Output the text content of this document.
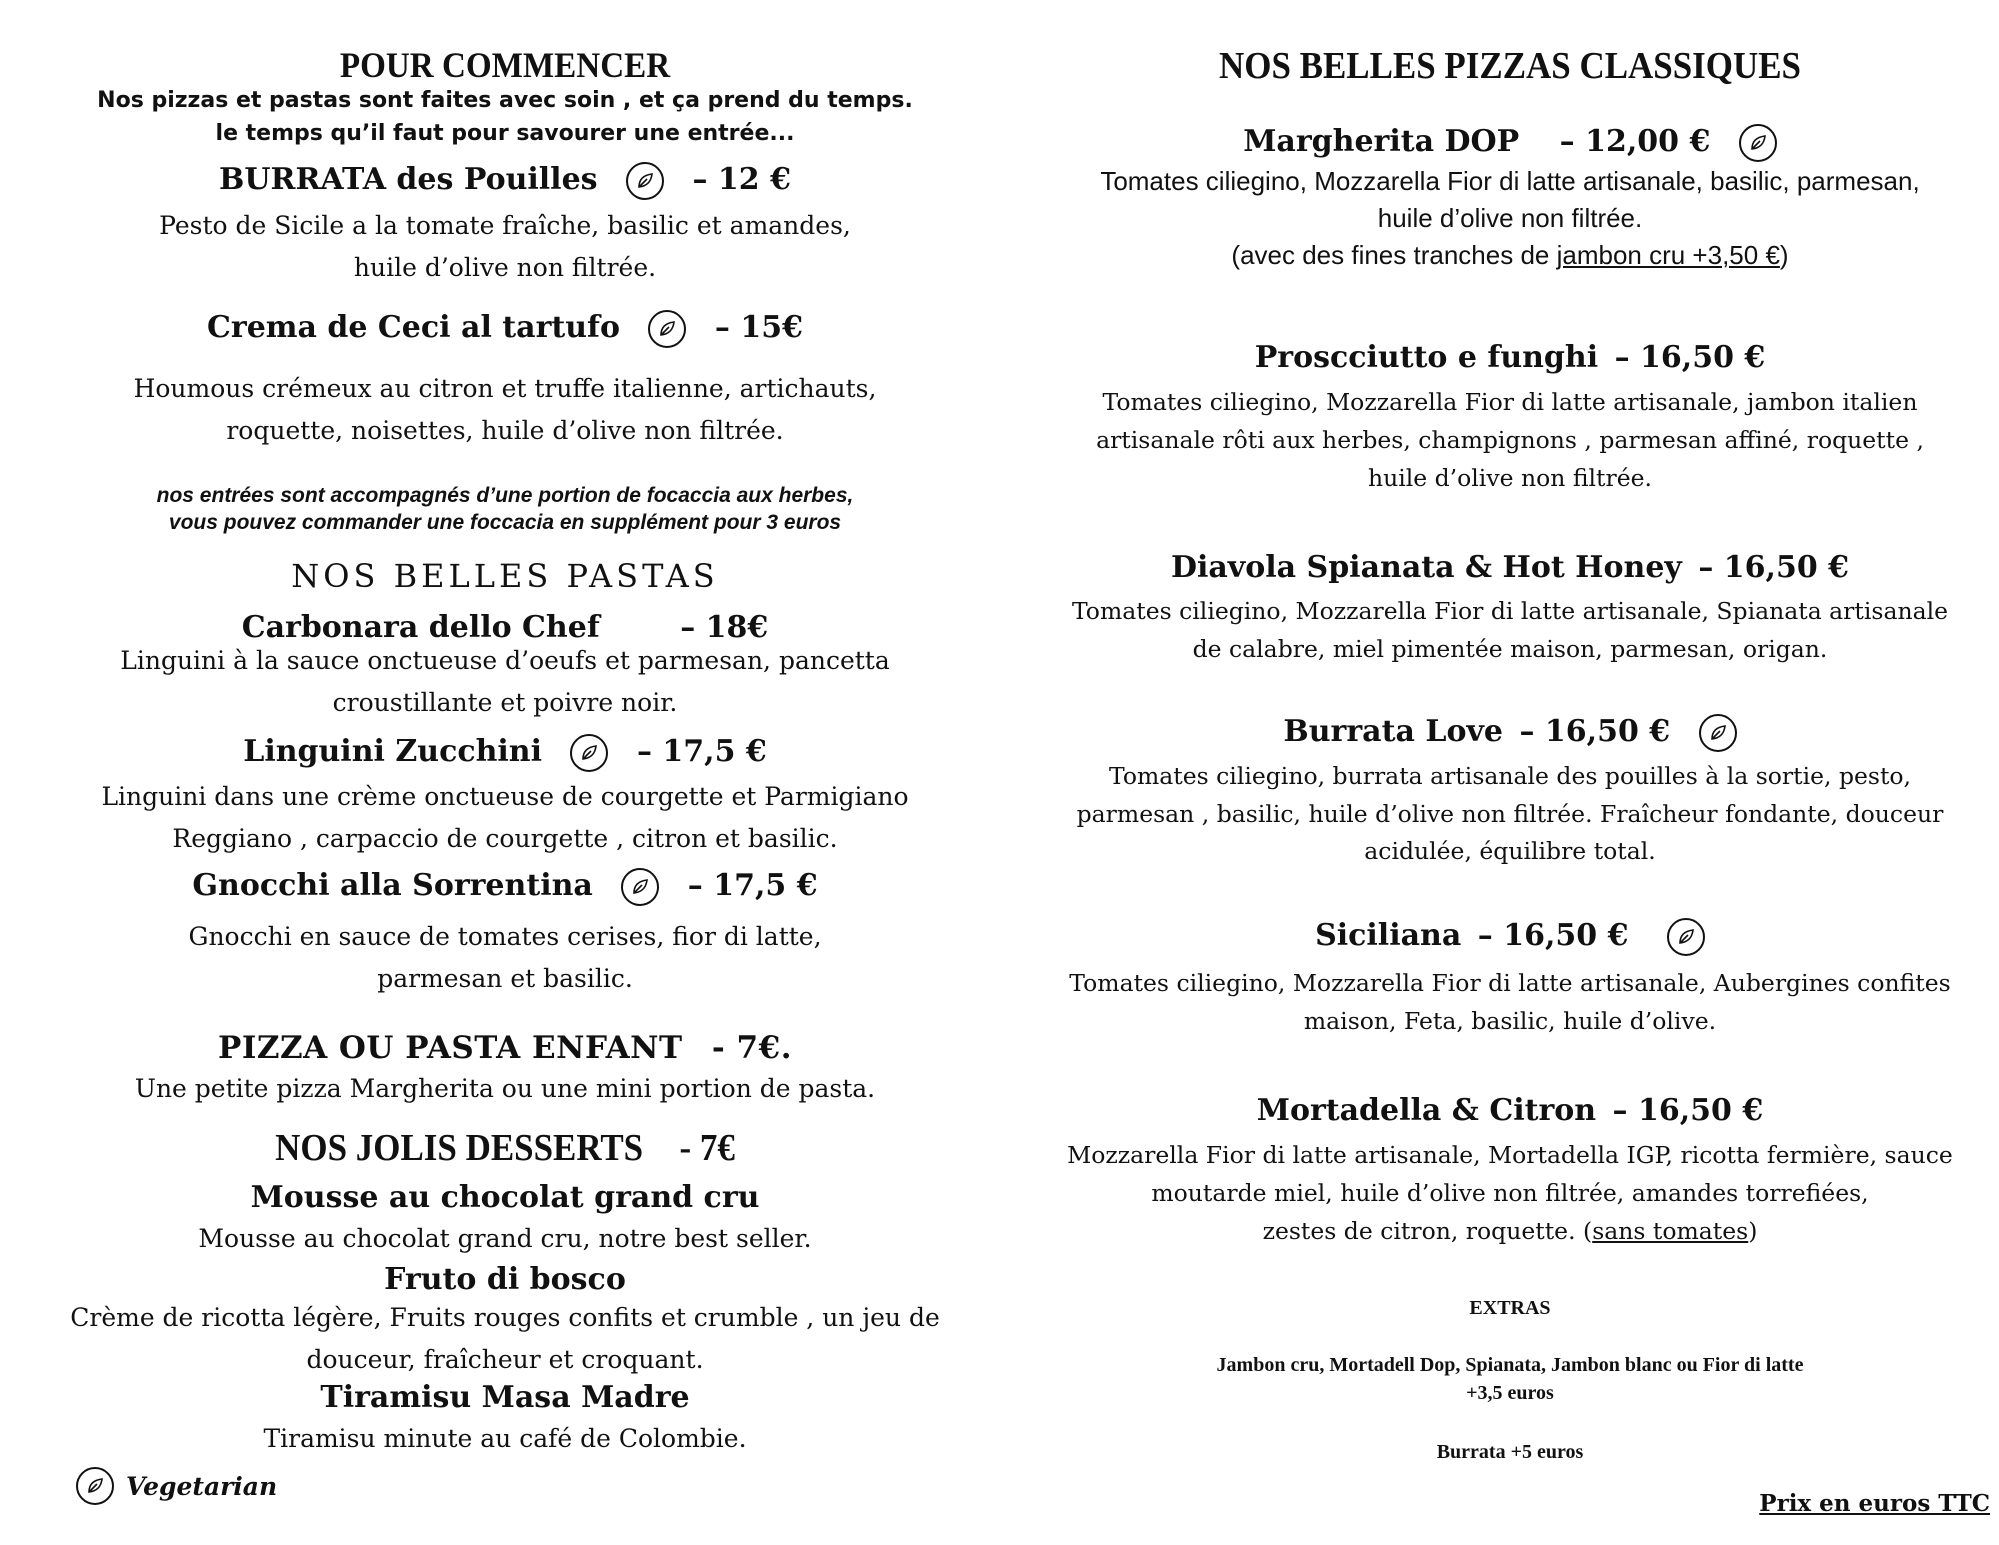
POUR COMMENCER
Nos pizzas et pastas sont faites avec soin , et ça prend du temps.
le temps qu’il faut pour savourer une entrée...
BURRATA des Pouilles	– 12 €
Pesto de Sicile a la tomate fraîche, basilic et amandes,
huile d’olive non filtrée.
Crema de Ceci al tartufo	– 15€
Houmous crémeux au citron et truffe italienne, artichauts,
roquette, noisettes, huile d’olive non filtrée.
nos entrées sont accompagnés d’une portion de focaccia aux herbes,
vous pouvez commander une foccacia en supplément pour 3 euros
NOS BELLES PASTAS
Carbonara dello Chef	– 18€
Linguini à la sauce onctueuse d’oeufs et parmesan, pancetta
croustillante et poivre noir.
Linguini Zucchini	– 17,5 €
Linguini dans une crème onctueuse de courgette et Parmigiano
Reggiano , carpaccio de courgette , citron et basilic.
Gnocchi alla Sorrentina	– 17,5 €
Gnocchi en sauce de tomates cerises, fior di latte,
parmesan et basilic.
PIZZA OU PASTA ENFANT - 7€.
Une petite pizza Margherita ou une mini portion de pasta.
NOS JOLIS DESSERTS - 7€
Mousse au chocolat grand cru
Mousse au chocolat grand cru, notre best seller.
Fruto di bosco
Crème de ricotta légère, Fruits rouges confits et crumble , un jeu de
douceur, fraîcheur et croquant.
Tiramisu Masa Madre
Tiramisu minute au café de Colombie.
Vegetarian
NOS BELLES PIZZAS CLASSIQUES
Margherita DOP – 12,00 €
Tomates ciliegino, Mozzarella Fior di latte artisanale, basilic, parmesan,
huile d’olive non filtrée.
(avec des fines tranches de jambon cru +3,50 €)
Proscciutto e funghi – 16,50 €
Tomates ciliegino, Mozzarella Fior di latte artisanale, jambon italien
artisanale rôti aux herbes, champignons , parmesan affiné, roquette ,
huile d’olive non filtrée.
Diavola Spianata & Hot Honey – 16,50 €
Tomates ciliegino, Mozzarella Fior di latte artisanale, Spianata artisanale
de calabre, miel pimentée maison, parmesan, origan.
Burrata Love – 16,50 €
Tomates ciliegino, burrata artisanale des pouilles à la sortie, pesto,
parmesan , basilic, huile d’olive non filtrée. Fraîcheur fondante, douceur
acidulée, équilibre total.
Siciliana – 16,50 €
Tomates ciliegino, Mozzarella Fior di latte artisanale, Aubergines confites
maison, Feta, basilic, huile d’olive.
Mortadella & Citron – 16,50 €
Mozzarella Fior di latte artisanale, Mortadella IGP, ricotta fermière, sauce
moutarde miel, huile d’olive non filtrée, amandes torrefiées,
zestes de citron, roquette. (sans tomates)
EXTRAS
Jambon cru, Mortadell Dop, Spianata, Jambon blanc ou Fior di latte
+3,5 euros
Burrata +5 euros
Prix en euros TTC
